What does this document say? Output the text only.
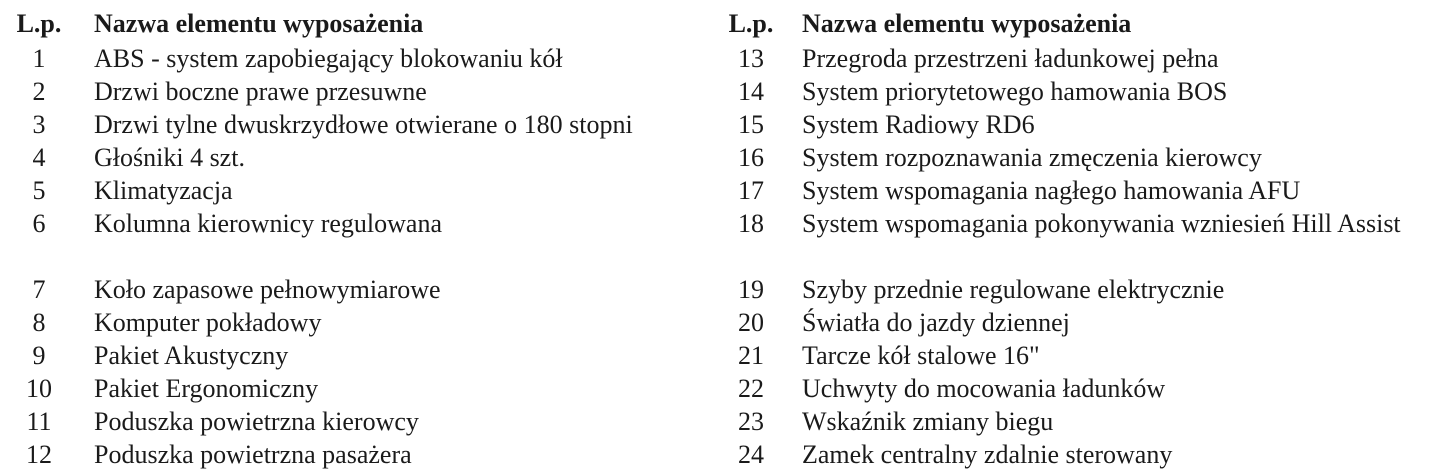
L.p.	Nazwa elementu wyposażenia
1	ABS - system zapobiegający blokowaniu kół
2	Drzwi boczne prawe przesuwne
3	Drzwi tylne dwuskrzydłowe otwierane o 180 stopni
4	Głośniki 4 szt.
5	Klimatyzacja
6	Kolumna kierownicy regulowana
7	Koło zapasowe pełnowymiarowe
8	Komputer pokładowy
9	Pakiet Akustyczny
10	Pakiet Ergonomiczny
11	Poduszka powietrzna kierowcy
12	Poduszka powietrzna pasażera
L.p.	Nazwa elementu wyposażenia
13	Przegroda przestrzeni ładunkowej pełna
14	System priorytetowego hamowania BOS
15	System Radiowy RD6
16	System rozpoznawania zmęczenia kierowcy
17	System wspomagania nagłego hamowania AFU
18	System wspomagania pokonywania wzniesień Hill Assist
19	Szyby przednie regulowane elektrycznie
20	Światła do jazdy dziennej
21	Tarcze kół stalowe 16"
22	Uchwyty do mocowania ładunków
23	Wskaźnik zmiany biegu
24	Zamek centralny zdalnie sterowany
